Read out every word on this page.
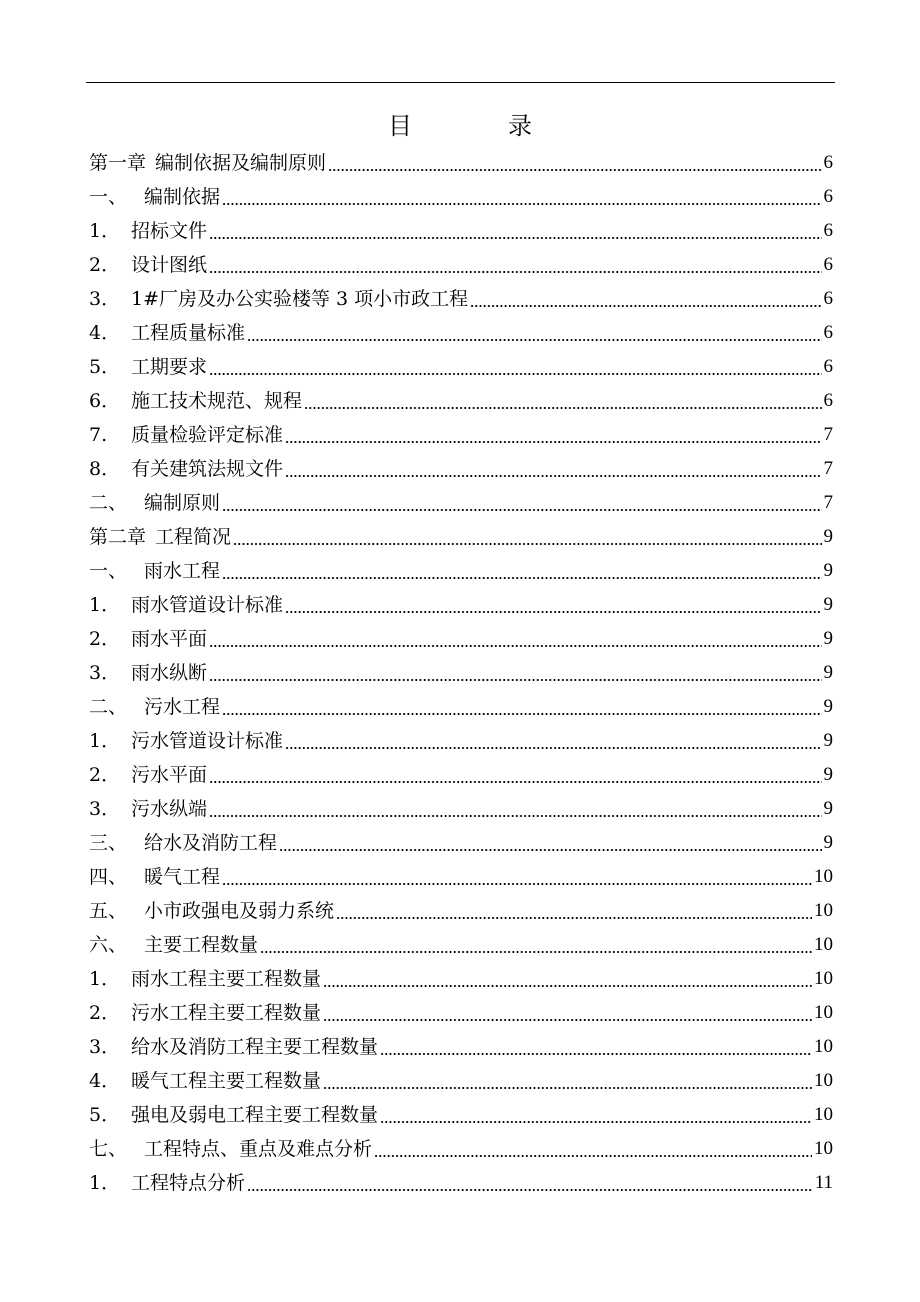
目　录
第一章 编制依据及编制原则	6
一、 编制依据	6
1． 招标文件	6
2． 设计图纸	6
3． 1#厂房及办公实验楼等 3 项小市政工程	6
4． 工程质量标准	6
5． 工期要求	6
6． 施工技术规范、规程	6
7.	质量检验评定标准	7
8． 有关建筑法规文件	7
二、 编制原则	7
第二章 工程简况	9
一、 雨水工程	9
1． 雨水管道设计标准	9
2． 雨水平面	9
3． 雨水纵断	9
二、 污水工程	9
1． 污水管道设计标准	9
2． 污水平面	9
3． 污水纵端	9
三、 给水及消防工程	9
四、 暖气工程	10
五、 小市政强电及弱力系统	10
六、 主要工程数量	10
1． 雨水工程主要工程数量	10
2． 污水工程主要工程数量	10
3． 给水及消防工程主要工程数量	10
4． 暖气工程主要工程数量	10
5． 强电及弱电工程主要工程数量	10
七、 工程特点、重点及难点分析	10
1． 工程特点分析	11
